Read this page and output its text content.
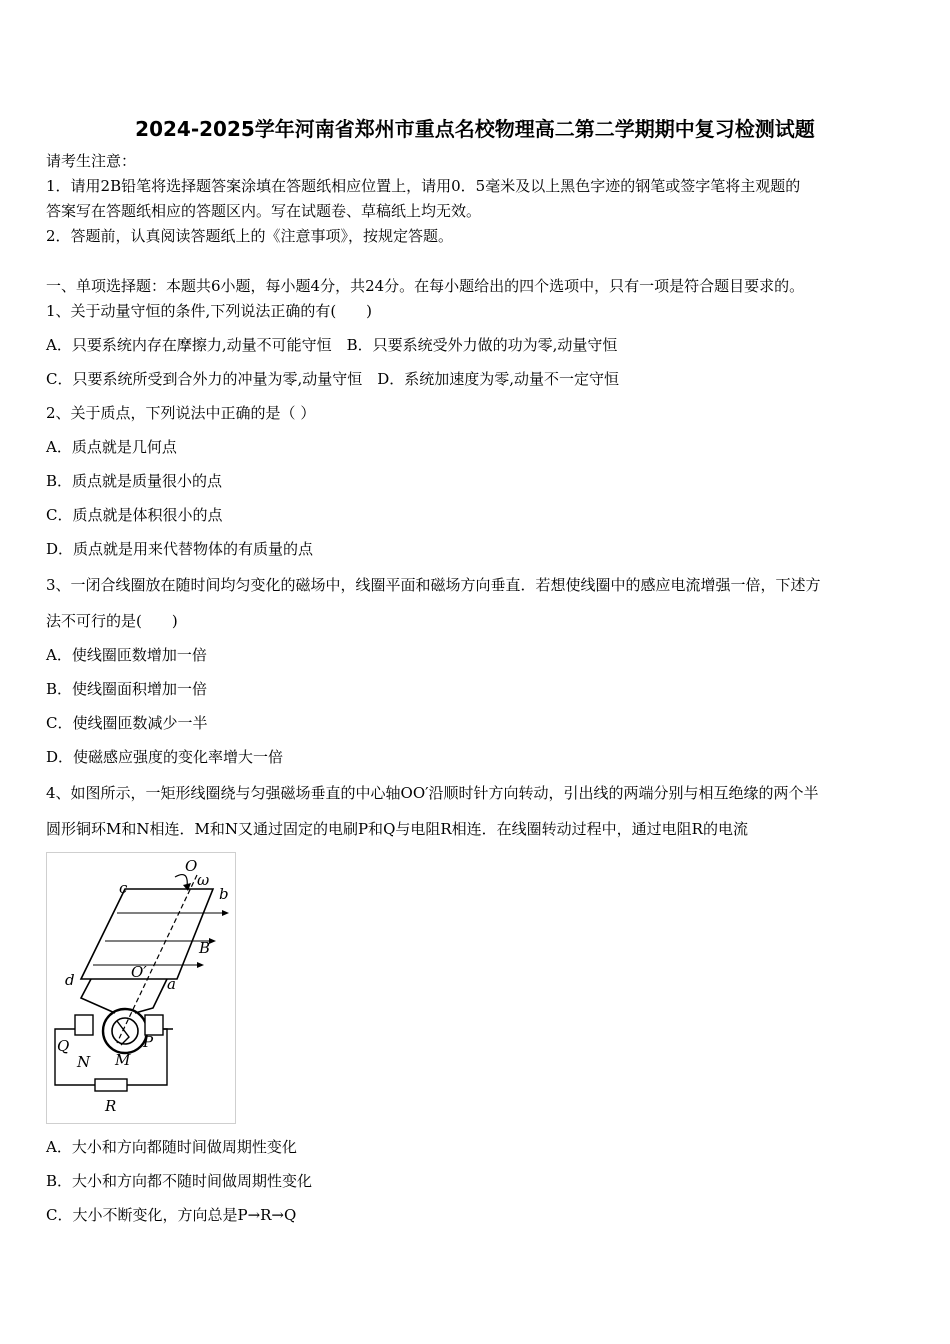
2024-2025学年河南省郑州市重点名校物理高二第二学期期中复习检测试题
请考生注意：
1．请用2B铅笔将选择题答案涂填在答题纸相应位置上，请用0．5毫米及以上黑色字迹的钢笔或签字笔将主观题的
答案写在答题纸相应的答题区内。写在试题卷、草稿纸上均无效。
2．答题前，认真阅读答题纸上的《注意事项》，按规定答题。
一、单项选择题：本题共6小题，每小题4分，共24分。在每小题给出的四个选项中，只有一项是符合题目要求的。
1、关于动量守恒的条件,下列说法正确的有(　　)
A．只要系统内存在摩擦力,动量不可能守恒　B．只要系统受外力做的功为零,动量守恒
C．只要系统所受到合外力的冲量为零,动量守恒　D．系统加速度为零,动量不一定守恒
2、关于质点，下列说法中正确的是（ ）
A．质点就是几何点
B．质点就是质量很小的点
C．质点就是体积很小的点
D．质点就是用来代替物体的有质量的点
3、一闭合线圈放在随时间均匀变化的磁场中，线圈平面和磁场方向垂直．若想使线圈中的感应电流增强一倍，下述方
法不可行的是(　　)
A．使线圈匝数增加一倍
B．使线圈面积增加一倍
C．使线圈匝数减少一半
D．使磁感应强度的变化率增大一倍
4、如图所示，一矩形线圈绕与匀强磁场垂直的中心轴OO′沿顺时针方向转动，引出线的两端分别与相互绝缘的两个半
圆形铜环M和N相连．M和N又通过固定的电刷P和Q与电阻R相连．在线圈转动过程中，通过电阻R的电流
O
ω
c	b
B
O′
d	a
Q	P
N M
R
A．大小和方向都随时间做周期性变化
B．大小和方向都不随时间做周期性变化
C．大小不断变化，方向总是P→R→Q
